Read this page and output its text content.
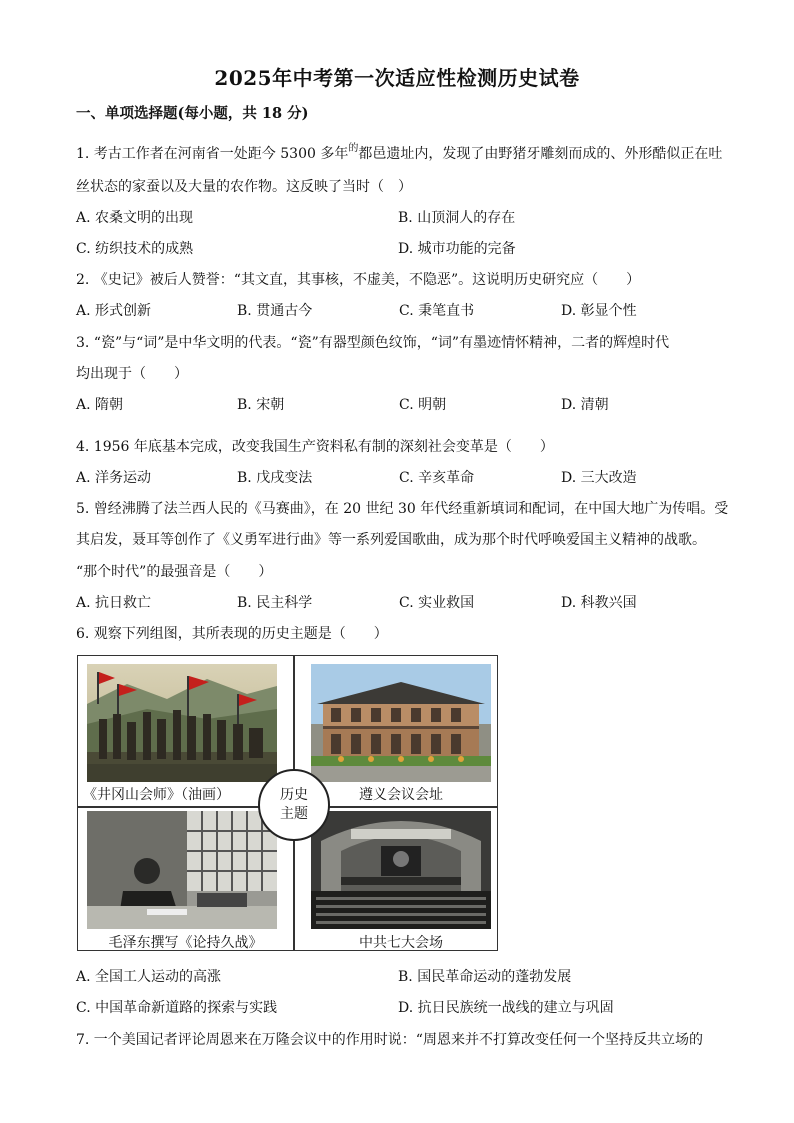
2025年中考第一次适应性检测历史试卷
一、单项选择题(每小题，共 18 分)
1. 考古工作者在河南省一处距今 5300 多年$^的$都邑遗址内，发现了由野猪牙雕刻而成的、外形酷似正在吐
丝状态的家蚕以及大量的农作物。这反映了当时（　）
A. 农桑文明的出现	B. 山顶洞人的存在
C. 纺织技术的成熟	D. 城市功能的完备
2. 《史记》被后人赞誉：“其文直，其事核，不虚美，不隐恶”。这说明历史研究应（　　）
A. 形式创新	B. 贯通古今	C. 秉笔直书	D. 彰显个性
3. “瓷”与“词”是中华文明的代表。“瓷”有器型颜色纹饰，“词”有墨迹情怀精神，二者的辉煌时代
均出现于（　　）
A. 隋朝	B. 宋朝	C. 明朝	D. 清朝
4. 1956 年底基本完成，改变我国生产资料私有制的深刻社会变革是（　　）
A. 洋务运动	B. 戊戌变法	C. 辛亥革命	D. 三大改造
5. 曾经沸腾了法兰西人民的《马赛曲》，在 20 世纪 30 年代经重新填词和配词，在中国大地广为传唱。受
其启发，聂耳等创作了《义勇军进行曲》等一系列爱国歌曲，成为那个时代呼唤爱国主义精神的战歌。
“那个时代”的最强音是（　　）
A. 抗日救亡	B. 民主科学	C. 实业救国	D. 科教兴国
6. 观察下列组图，其所表现的历史主题是（　　）
《井冈山会师》（油画）	遵义会议会址
毛泽东撰写《论持久战》	中共七大会场
历史
主题
A. 全国工人运动的高涨	B. 国民革命运动的蓬勃发展
C. 中国革命新道路的探索与实践	D. 抗日民族统一战线的建立与巩固
7. 一个美国记者评论周恩来在万隆会议中的作用时说：“周恩来并不打算改变任何一个坚持反共立场的
